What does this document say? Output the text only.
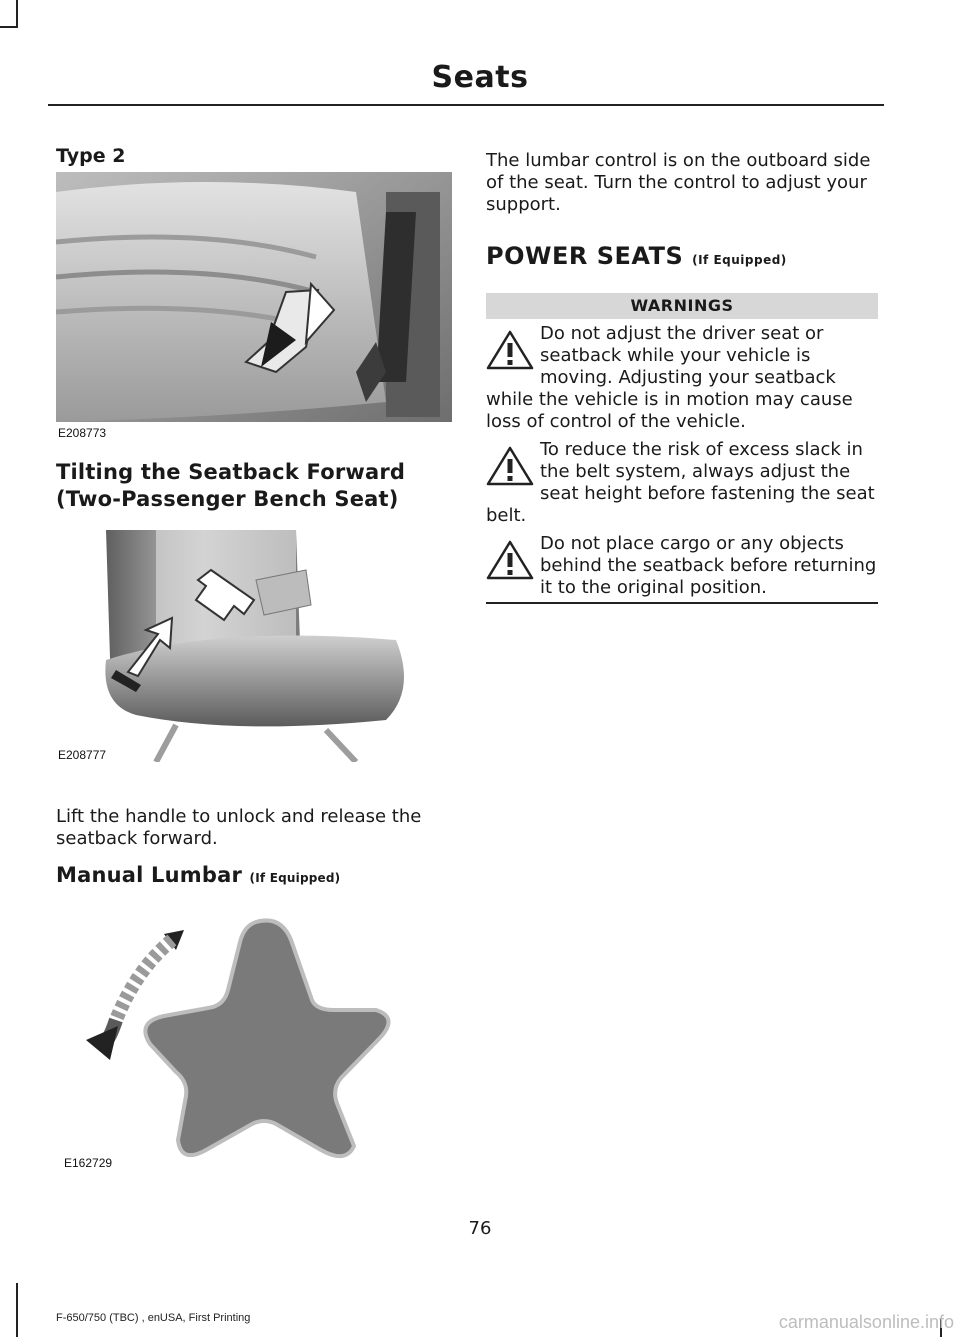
Seats
Type 2
E208773
Tilting the Seatback Forward
(Two-Passenger Bench Seat)
E208777
Lift the handle to unlock and release the
seatback forward.
Manual Lumbar (If Equipped)
E162729
The lumbar control is on the outboard side
of the seat. Turn the control to adjust your
support.
POWER SEATS (If Equipped)
WARNINGS
Do not adjust the driver seat or
seatback while your vehicle is
moving. Adjusting your seatback
while the vehicle is in motion may cause
loss of control of the vehicle.
To reduce the risk of excess slack in
the belt system, always adjust the
seat height before fastening the seat
belt.
Do not place cargo or any objects
behind the seatback before returning
it to the original position.
76
F-650/750 (TBC) , enUSA, First Printing	carmanualsonline.info
